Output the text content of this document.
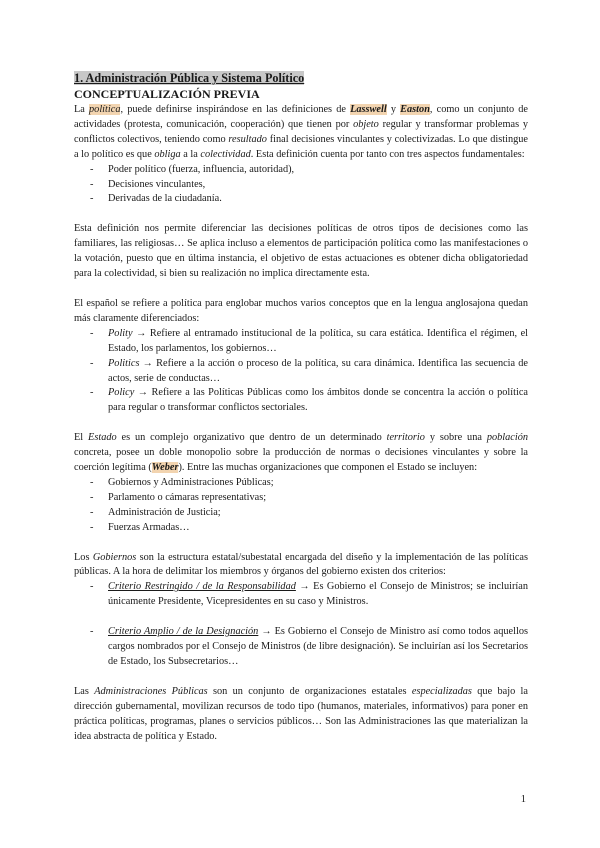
1. Administración Pública y Sistema Político
CONCEPTUALIZACIÓN PREVIA

La política, puede definirse inspirándose en las definiciones de Lasswell y Easton, como un conjunto de actividades (protesta, comunicación, cooperación) que tienen por objeto regular y transformar problemas y conflictos colectivos, teniendo como resultado final decisiones vinculantes y colectivizadas. Lo que distingue a lo político es que obliga a la colectividad. Esta definición cuenta por tanto con tres aspectos fundamentales:

- Poder político (fuerza, influencia, autoridad),
- Decisiones vinculantes,
- Derivadas de la ciudadanía.

Esta definición nos permite diferenciar las decisiones políticas de otros tipos de decisiones como las familiares, las religiosas… Se aplica incluso a elementos de participación política como las manifestaciones o la votación, puesto que en última instancia, el objetivo de estas actuaciones es obtener dicha obligatoriedad para la colectividad, si bien su realización no implica directamente esta.

El español se refiere a política para englobar muchos varios conceptos que en la lengua anglosajona quedan más claramente diferenciados:

- Polity → Refiere al entramado institucional de la política, su cara estática. Identifica el régimen, el Estado, los parlamentos, los gobiernos…
- Politics → Refiere a la acción o proceso de la política, su cara dinámica. Identifica las secuencia de actos, serie de conductas…
- Policy → Refiere a las Políticas Públicas como los ámbitos donde se concentra la acción o política para regular o transformar conflictos sectoriales.

El Estado es un complejo organizativo que dentro de un determinado territorio y sobre una población concreta, posee un doble monopolio sobre la producción de normas o decisiones vinculantes y sobre la coerción legítima (Weber). Entre las muchas organizaciones que componen el Estado se incluyen:

- Gobiernos y Administraciones Públicas;
- Parlamento o cámaras representativas;
- Administración de Justicia;
- Fuerzas Armadas…

Los Gobiernos son la estructura estatal/subestatal encargada del diseño y la implementación de las políticas públicas. A la hora de delimitar los miembros y órganos del gobierno existen dos criterios:

- Criterio Restringido / de la Responsabilidad → Es Gobierno el Consejo de Ministros; se incluirían únicamente Presidente, Vicepresidentes en su caso y Ministros.
- Criterio Amplio / de la Designación → Es Gobierno el Consejo de Ministro así como todos aquellos cargos nombrados por el Consejo de Ministros (de libre designación). Se incluirían así los Secretarios de Estado, los Subsecretarios…

Las Administraciones Públicas son un conjunto de organizaciones estatales especializadas que bajo la dirección gubernamental, movilizan recursos de todo tipo (humanos, materiales, informativos) para poner en práctica políticas, programas, planes o servicios públicos… Son las Administraciones las que materializan la idea abstracta de política y Estado.

1
